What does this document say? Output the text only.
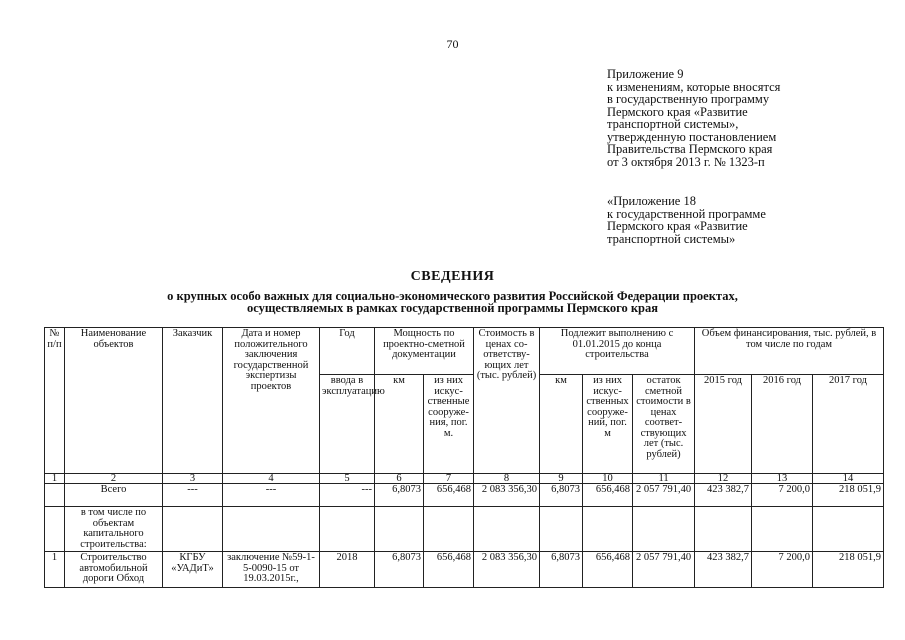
70
Приложение 9
к изменениям, которые вносятся
в государственную программу
Пермского края «Развитие
транспортной системы»,
утвержденную постановлением
Правительства Пермского края
от 3 октября 2013 г. № 1323-п
«Приложение 18
к государственной программе
Пермского края «Развитие
транспортной системы»
СВЕДЕНИЯ
о крупных особо важных для социально-экономического развития Российской Федерации проектах,
осуществляемых в рамках государственной программы Пермского края
№ п/п	Наименование объектов	Заказчик	Дата и номер положительного заключения государственной экспертизы проектов	Год	Мощность по проектно-сметной документации		Стоимость в ценах со-ответству-ющих лет (тыс. рублей)	Подлежит выполнению с 01.01.2015 до конца строительства			Объем финансирования, тыс. рублей, в том числе по годам		
				ввода в эксплуатацию	км	из них искус-ственные сооруже-ния, пог. м.		км	из них искус-ственных сооруже-ний, пог. м	остаток сметной стоимости в ценах соответ-ствующих лет (тыс. рублей)	2015 год	2016 год	2017 год
1	2	3	4	5	6	7	8	9	10	11	12	13	14
	Всего	---	---	---	6,8073	656,468	2 083 356,30	6,8073	656,468	2 057 791,40	423 382,7	7 200,0	218 051,9
	в том числе по объектам капитального строительства:												
1	Строительство автомобильной дороги Обход	КГБУ «УАДиТ»	заключение №59-1-5-0090-15 от 19.03.2015г.,	2018	6,8073	656,468	2 083 356,30	6,8073	656,468	2 057 791,40	423 382,7	7 200,0	218 051,9
